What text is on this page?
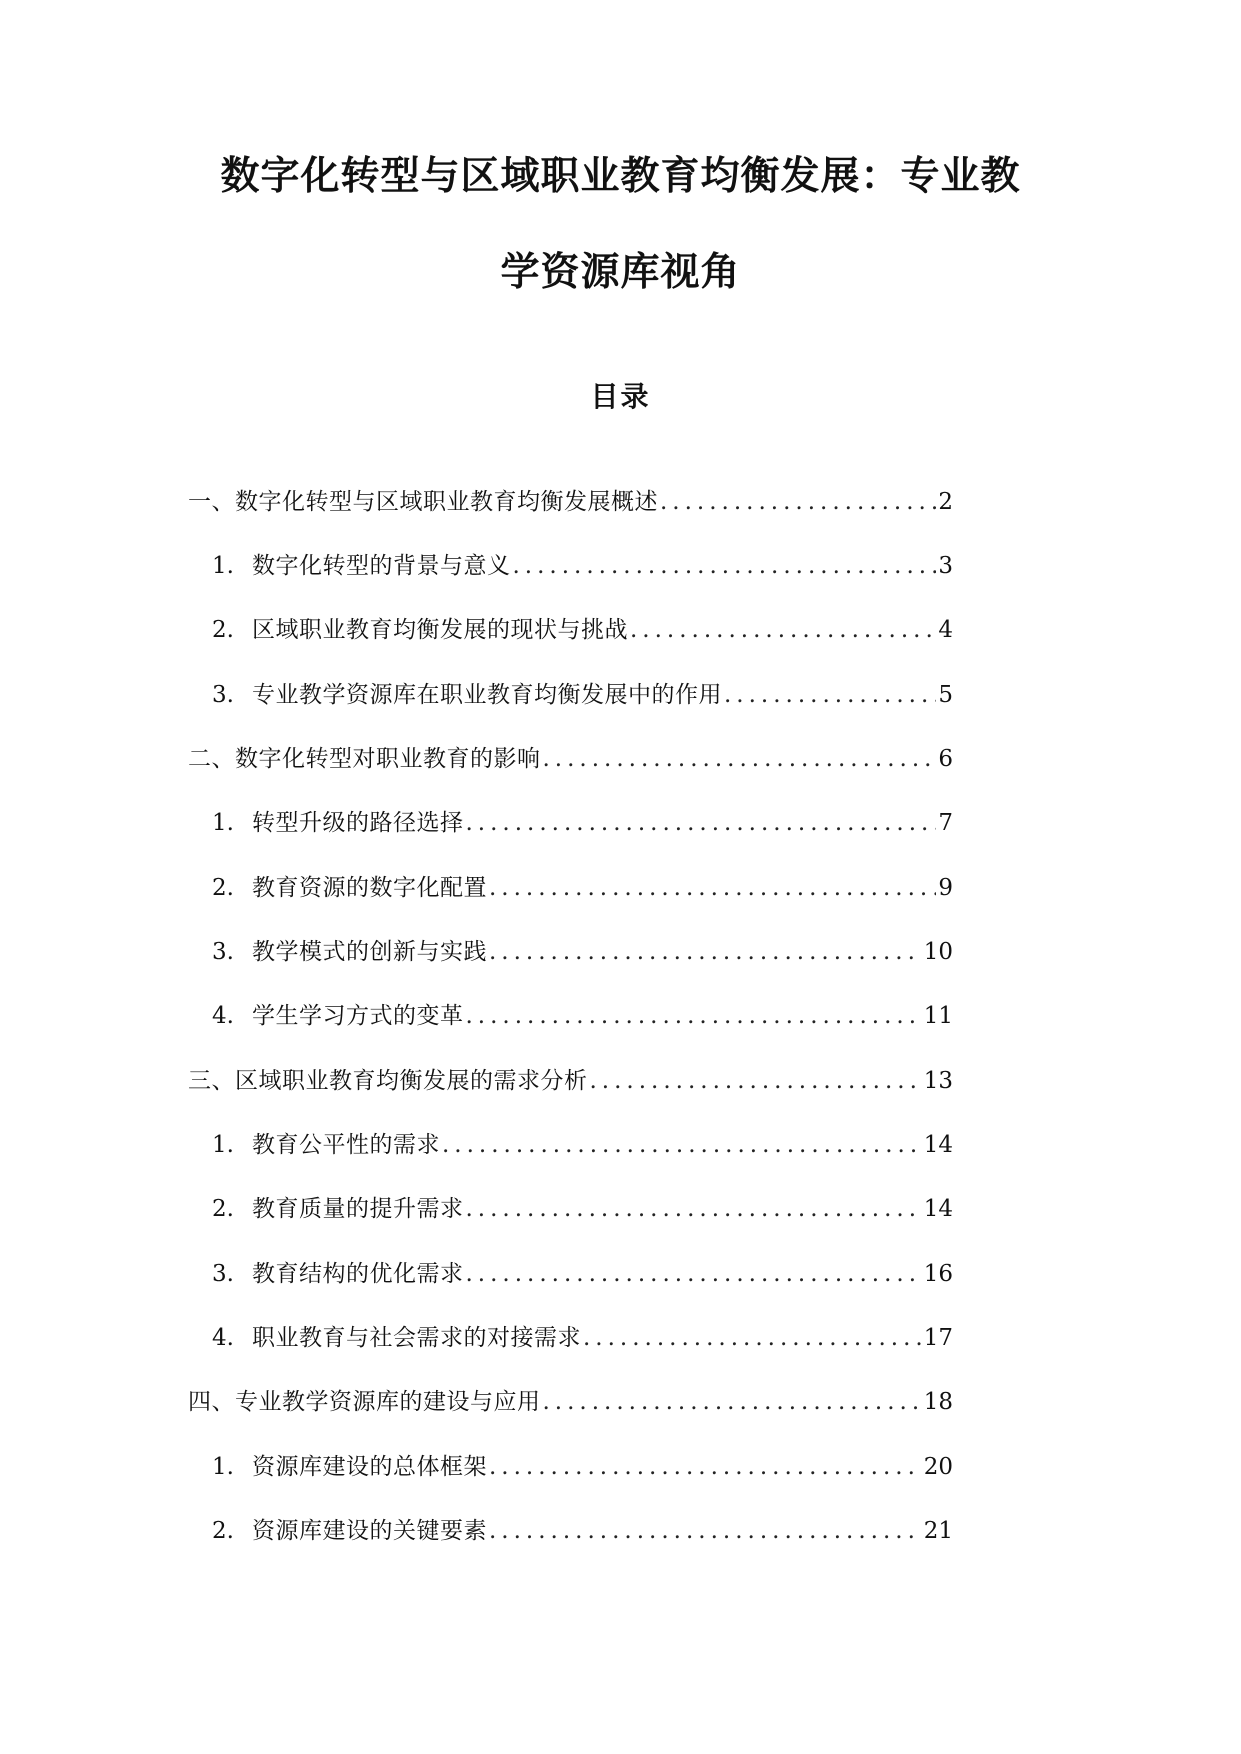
数字化转型与区域职业教育均衡发展：专业教
学资源库视角
目录
一、数字化转型与区域职业教育均衡发展概述 .....	2
1. 数字化转型的背景与意义 .....	3
2. 区域职业教育均衡发展的现状与挑战 .....	4
3. 专业教学资源库在职业教育均衡发展中的作用 .....	5
二、数字化转型对职业教育的影响 .....	6
1. 转型升级的路径选择 .....	7
2. 教育资源的数字化配置 .....	9
3. 教学模式的创新与实践 .....	10
4. 学生学习方式的变革 .....	11
三、区域职业教育均衡发展的需求分析 .....	13
1. 教育公平性的需求 .....	14
2. 教育质量的提升需求 .....	14
3. 教育结构的优化需求 .....	16
4. 职业教育与社会需求的对接需求 .....	17
四、专业教学资源库的建设与应用 .....	18
1. 资源库建设的总体框架 .....	20
2. 资源库建设的关键要素 .....	21
